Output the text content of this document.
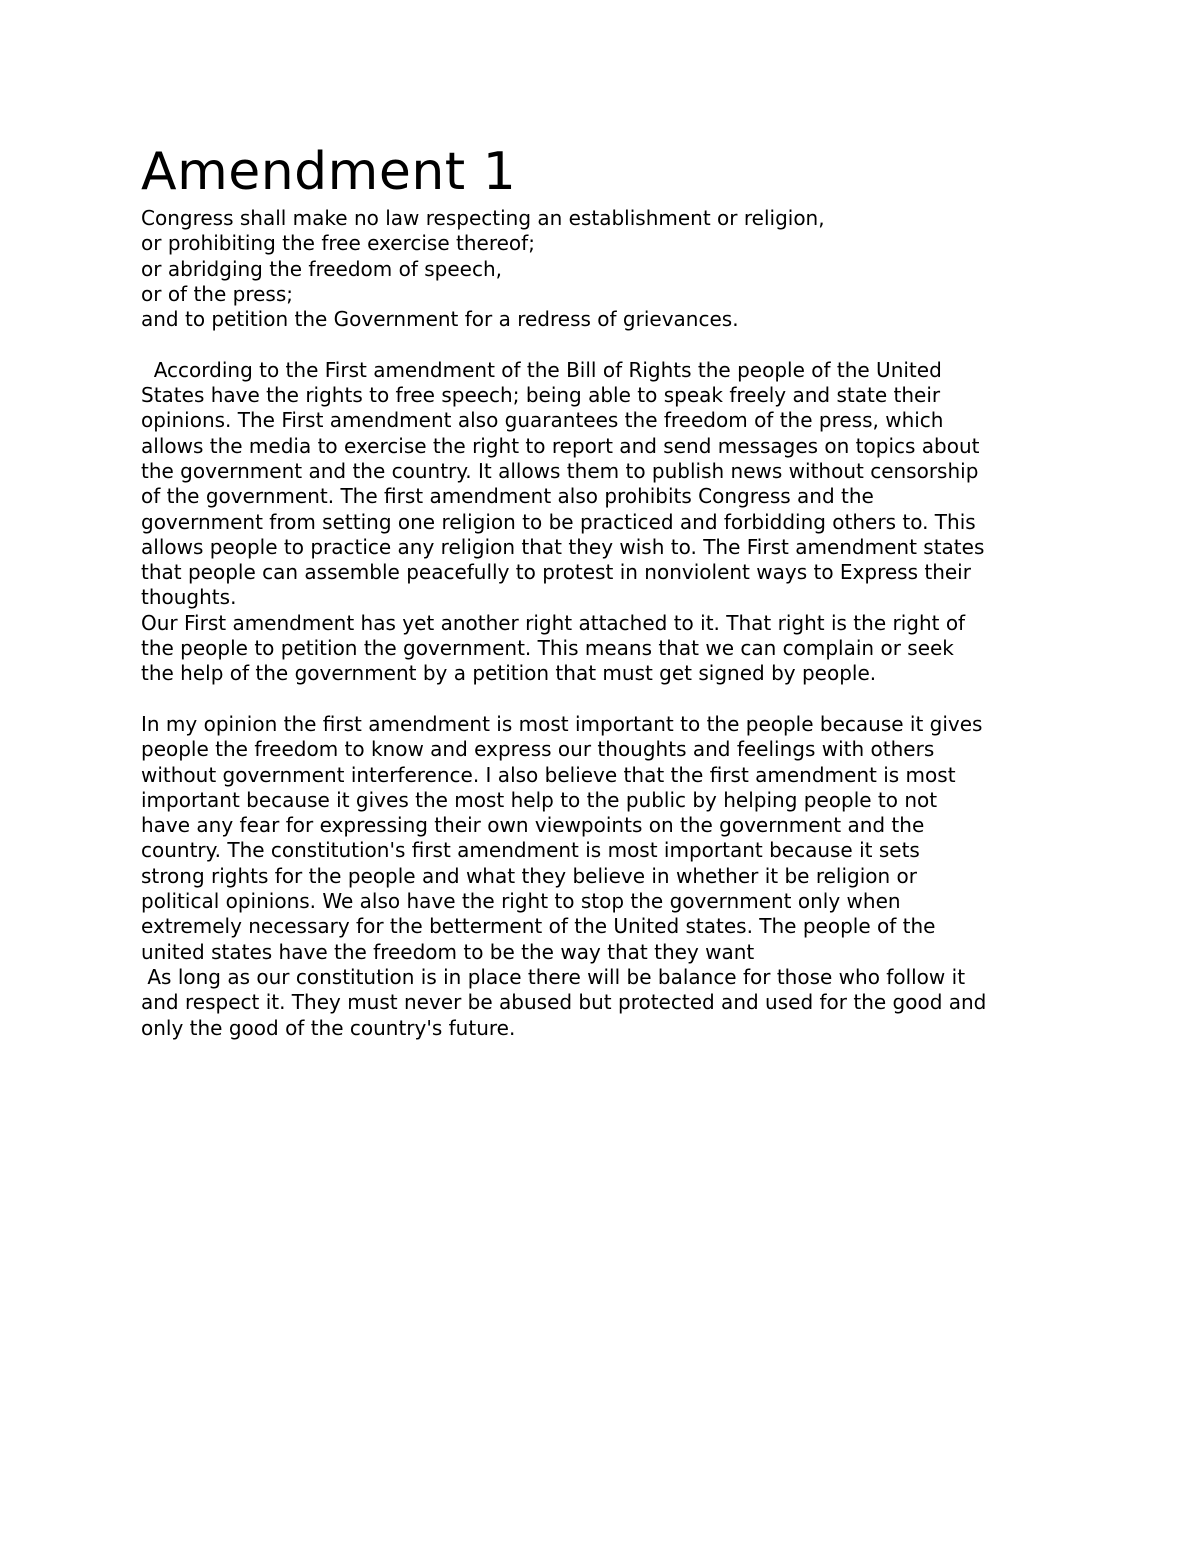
Amendment 1
Congress shall make no law respecting an establishment or religion,
or prohibiting the free exercise thereof;
or abridging the freedom of speech,
or of the press;
and to petition the Government for a redress of grievances.
According to the First amendment of the Bill of Rights the people of the United
States have the rights to free speech; being able to speak freely and state their
opinions. The First amendment also guarantees the freedom of the press, which
allows the media to exercise the right to report and send messages on topics about
the government and the country. It allows them to publish news without censorship
of the government. The first amendment also prohibits Congress and the
government from setting one religion to be practiced and forbidding others to. This
allows people to practice any religion that they wish to. The First amendment states
that people can assemble peacefully to protest in nonviolent ways to Express their
thoughts.
Our First amendment has yet another right attached to it. That right is the right of
the people to petition the government. This means that we can complain or seek
the help of the government by a petition that must get signed by people.
In my opinion the first amendment is most important to the people because it gives
people the freedom to know and express our thoughts and feelings with others
without government interference. I also believe that the first amendment is most
important because it gives the most help to the public by helping people to not
have any fear for expressing their own viewpoints on the government and the
country. The constitution's first amendment is most important because it sets
strong rights for the people and what they believe in whether it be religion or
political opinions. We also have the right to stop the government only when
extremely necessary for the betterment of the United states. The people of the
united states have the freedom to be the way that they want
As long as our constitution is in place there will be balance for those who follow it
and respect it. They must never be abused but protected and used for the good and
only the good of the country's future.
